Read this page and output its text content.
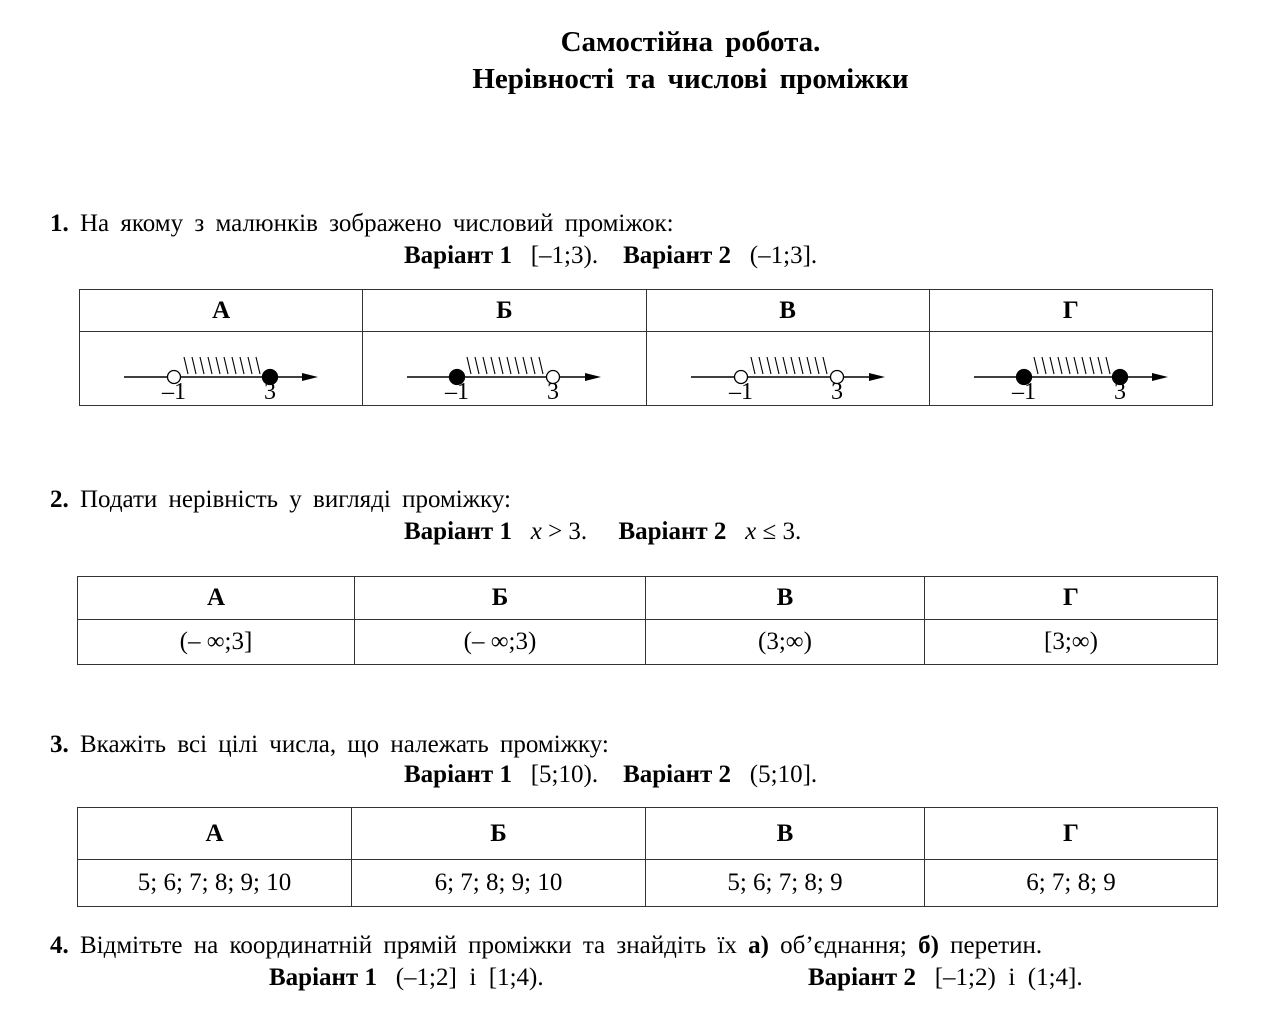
Самостійна робота.
Нерівності та числові проміжки
1. На якому з малюнків зображено числовий проміжок:
Варіант 1 [–1;3). Варіант 2 (–1;3].
А	Б	В	Г

–1 3	–1 3	–1 3	–1 3
2. Подати нерівність у вигляді проміжку:
Варіант 1 x > 3. Варіант 2 x ≤ 3.
А	Б	В	Г
(– ∞;3]	(– ∞;3)	(3;∞)	[3;∞)
3. Вкажіть всі цілі числа, що належать проміжку:
Варіант 1 [5;10). Варіант 2 (5;10].
А	Б	В	Г
5; 6; 7; 8; 9; 10	6; 7; 8; 9; 10	5; 6; 7; 8; 9	6; 7; 8; 9
4. Відмітьте на координатній прямій проміжки та знайдіть їх а) об’єднання; б) перетин.
Варіант 1 (–1;2]  і  [1;4).	Варіант 2 [–1;2)  і  (1;4].
